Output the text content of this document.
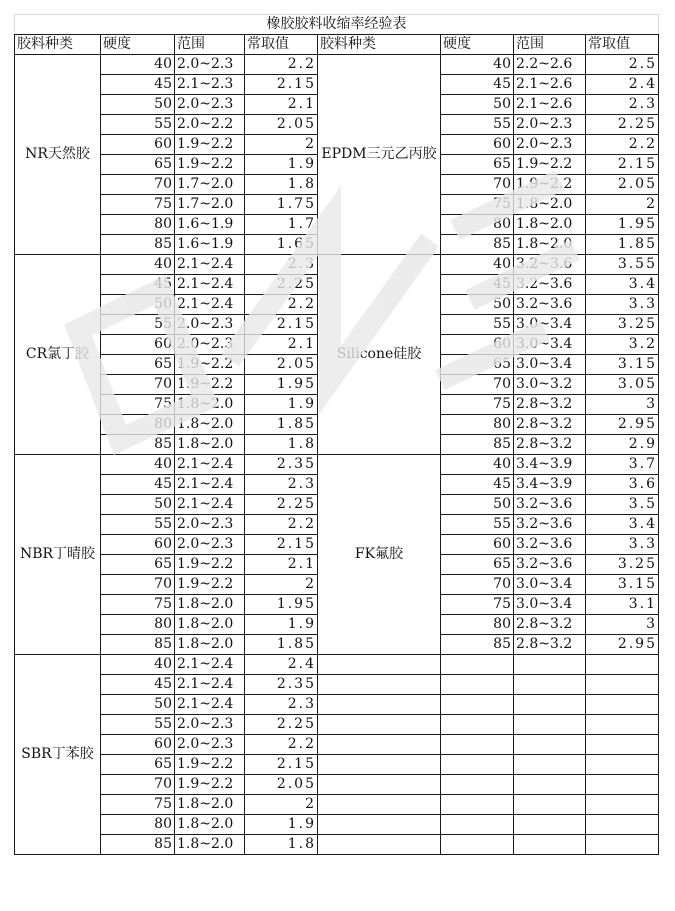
橡胶胶料收缩率经验表							
胶料种类	硬度	范围	常取值	胶料种类	硬度	范围	常取值
NR天然胶	40	2.0~2.3	2.2	EPDM三元乙丙胶	40	2.2~2.6	2.5
	45	2.1~2.3	2.15		45	2.1~2.6	2.4
	50	2.0~2.3	2.1		50	2.1~2.6	2.3
	55	2.0~2.2	2.05		55	2.0~2.3	2.25
	60	1.9~2.2	2		60	2.0~2.3	2.2
	65	1.9~2.2	1.9		65	1.9~2.2	2.15
	70	1.7~2.0	1.8		70	1.9~2.2	2.05
	75	1.7~2.0	1.75		75	1.8~2.0	2
	80	1.6~1.9	1.7		80	1.8~2.0	1.95
	85	1.6~1.9	1.65		85	1.8~2.0	1.85
CR氯丁胶	40	2.1~2.4	2.3	Silicone硅胶	40	3.2~3.6	3.55
	45	2.1~2.4	2.25		45	3.2~3.6	3.4
	50	2.1~2.4	2.2		50	3.2~3.6	3.3
	55	2.0~2.3	2.15		55	3.0~3.4	3.25
	60	2.0~2.3	2.1		60	3.0~3.4	3.2
	65	1.9~2.2	2.05		65	3.0~3.4	3.15
	70	1.9~2.2	1.95		70	3.0~3.2	3.05
	75	1.8~2.0	1.9		75	2.8~3.2	3
	80	1.8~2.0	1.85		80	2.8~3.2	2.95
	85	1.8~2.0	1.8		85	2.8~3.2	2.9
NBR丁晴胶	40	2.1~2.4	2.35	FK氟胶	40	3.4~3.9	3.7
	45	2.1~2.4	2.3		45	3.4~3.9	3.6
	50	2.1~2.4	2.25		50	3.2~3.6	3.5
	55	2.0~2.3	2.2		55	3.2~3.6	3.4
	60	2.0~2.3	2.15		60	3.2~3.6	3.3
	65	1.9~2.2	2.1		65	3.2~3.6	3.25
	70	1.9~2.2	2		70	3.0~3.4	3.15
	75	1.8~2.0	1.95		75	3.0~3.4	3.1
	80	1.8~2.0	1.9		80	2.8~3.2	3
	85	1.8~2.0	1.85		85	2.8~3.2	2.95
SBR丁苯胶	40	2.1~2.4	2.4				
	45	2.1~2.4	2.35				
	50	2.1~2.4	2.3				
	55	2.0~2.3	2.25				
	60	2.0~2.3	2.2				
	65	1.9~2.2	2.15				
	70	1.9~2.2	2.05				
	75	1.8~2.0	2				
	80	1.8~2.0	1.9				
	85	1.8~2.0	1.8				
